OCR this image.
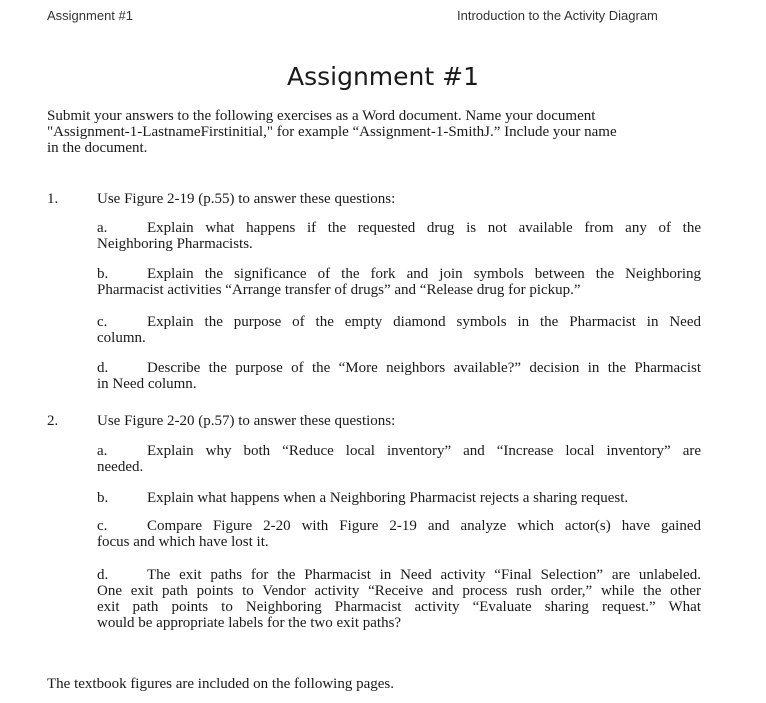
Assignment #1	Introduction to the Activity Diagram
Assignment #1
Submit your answers to the following exercises as a Word document. Name your document
"Assignment-1-LastnameFirstinitial," for example “Assignment-1-SmithJ.” Include your name
in the document.
1.	Use Figure 2-19 (p.55) to answer these questions:
a.	Explain what happens if the requested drug is not available from any of the
Neighboring Pharmacists.
b.	Explain the significance of the fork and join symbols between the Neighboring
Pharmacist activities “Arrange transfer of drugs” and “Release drug for pickup.”
c.	Explain the purpose of the empty diamond symbols in the Pharmacist in Need
column.
d.	Describe the purpose of the “More neighbors available?” decision in the Pharmacist
in Need column.
2.	Use Figure 2-20 (p.57) to answer these questions:
a.	Explain why both “Reduce local inventory” and “Increase local inventory” are
needed.
b.	Explain what happens when a Neighboring Pharmacist rejects a sharing request.
c.	Compare Figure 2-20 with Figure 2-19 and analyze which actor(s) have gained
focus and which have lost it.
d.	The exit paths for the Pharmacist in Need activity “Final Selection” are unlabeled.
One exit path points to Vendor activity “Receive and process rush order,” while the other
exit path points to Neighboring Pharmacist activity “Evaluate sharing request.” What
would be appropriate labels for the two exit paths?
The textbook figures are included on the following pages.
